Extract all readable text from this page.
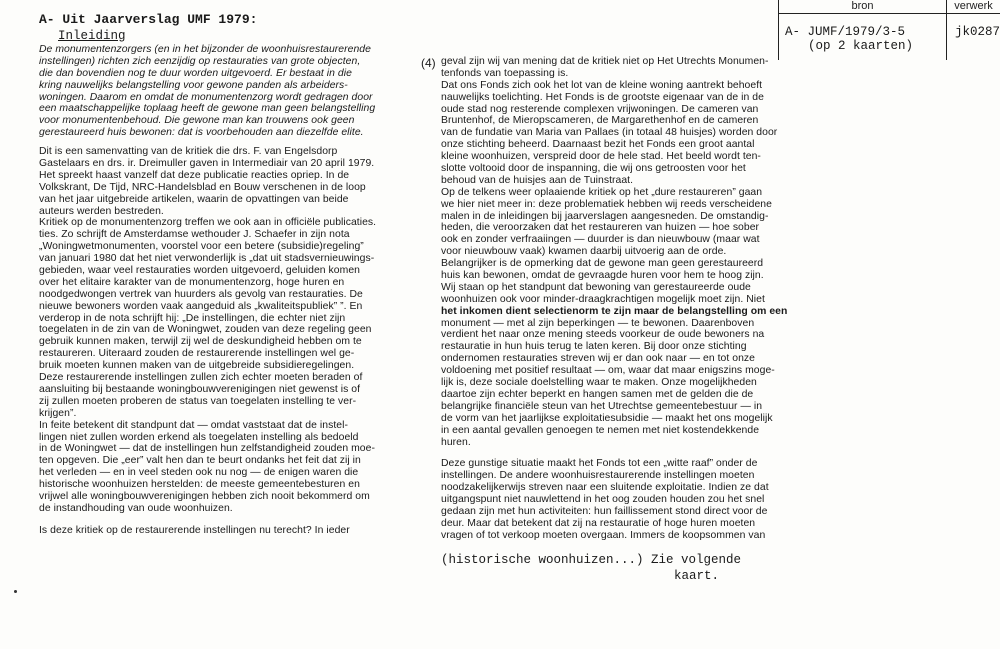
A- Uit Jaarverslag UMF 1979:
Inleiding
bron	verwerk
A- JUMF/1979/3-5
(op 2 kaarten)
jk0287
De monumentenzorgers (en in het bijzonder de woonhuisrestaurerende
instellingen) richten zich eenzijdig op restauraties van grote objecten,
die dan bovendien nog te duur worden uitgevoerd. Er bestaat in die
kring nauwelijks belangstelling voor gewone panden als arbeiders-
woningen. Daarom en omdat de monumentenzorg wordt gedragen door
een maatschappelijke toplaag heeft de gewone man geen belangstelling
voor monumentenbehoud. Die gewone man kan trouwens ook geen
gerestaureerd huis bewonen: dat is voorbehouden aan diezelfde elite.
Dit is een samenvatting van de kritiek die drs. F. van Engelsdorp
Gastelaars en drs. ir. Dreimuller gaven in Intermediair van 20 april 1979.
Het spreekt haast vanzelf dat deze publicatie reacties opriep. In de
Volkskrant, De Tijd, NRC-Handelsblad en Bouw verschenen in de loop
van het jaar uitgebreide artikelen, waarin de opvattingen van beide
auteurs werden bestreden.
Kritiek op de monumentenzorg treffen we ook aan in officiële publicaties.
ties. Zo schrijft de Amsterdamse wethouder J. Schaefer in zijn nota
„Woningwetmonumenten, voorstel voor een betere (subsidie)regeling”
van januari 1980 dat het niet verwonderlijk is „dat uit stadsvernieuwings-
gebieden, waar veel restauraties worden uitgevoerd, geluiden komen
over het elitaire karakter van de monumentenzorg, hoge huren en
noodgedwongen vertrek van huurders als gevolg van restauraties. De
nieuwe bewoners worden vaak aangeduid als „kwaliteitspubliek” ”. En
verderop in de nota schrijft hij: „De instellingen, die echter niet zijn
toegelaten in de zin van de Woningwet, zouden van deze regeling geen
gebruik kunnen maken, terwijl zij wel de deskundigheid hebben om te
restaureren. Uiteraard zouden de restaurerende instellingen wel ge-
bruik moeten kunnen maken van de uitgebreide subsidieregelingen.
Deze restaurerende instellingen zullen zich echter moeten beraden of
aansluiting bij bestaande woningbouwverenigingen niet gewenst is of
zij zullen moeten proberen de status van toegelaten instelling te ver-
krijgen”.
In feite betekent dit standpunt dat — omdat vaststaat dat de instel-
lingen niet zullen worden erkend als toegelaten instelling als bedoeld
in de Woningwet — dat de instellingen hun zelfstandigheid zouden moe-
ten opgeven. Die „eer” valt hen dan te beurt ondanks het feit dat zij in
het verleden — en in veel steden ook nu nog — de enigen waren die
historische woonhuizen herstelden: de meeste gemeentebesturen en
vrijwel alle woningbouwverenigingen hebben zich nooit bekommerd om
de instandhouding van oude woonhuizen.
Is deze kritiek op de restaurerende instellingen nu terecht? In ieder
(4) geval zijn wij van mening dat de kritiek niet op Het Utrechts Monumen-
tenfonds van toepassing is.
Dat ons Fonds zich ook het lot van de kleine woning aantrekt behoeft
nauwelijks toelichting. Het Fonds is de grootste eigenaar van de in de
oude stad nog resterende complexen vrijwoningen. De cameren van
Bruntenhof, de Mieropscameren, de Margarethenhof en de cameren
van de fundatie van Maria van Pallaes (in totaal 48 huisjes) worden door
onze stichting beheerd. Daarnaast bezit het Fonds een groot aantal
kleine woonhuizen, verspreid door de hele stad. Het beeld wordt ten-
slotte voltooid door de inspanning, die wij ons getroosten voor het
behoud van de huisjes aan de Tuinstraat.
Op de telkens weer oplaaiende kritiek op het „dure restaureren” gaan
we hier niet meer in: deze problematiek hebben wij reeds verscheidene
malen in de inleidingen bij jaarverslagen aangesneden. De omstandig-
heden, die veroorzaken dat het restaureren van huizen — hoe sober
ook en zonder verfraaiingen — duurder is dan nieuwbouw (maar wat
voor nieuwbouw vaak) kwamen daarbij uitvoerig aan de orde.
Belangrijker is de opmerking dat de gewone man geen gerestaureerd
huis kan bewonen, omdat de gevraagde huren voor hem te hoog zijn.
Wij staan op het standpunt dat bewoning van gerestaureerde oude
woonhuizen ook voor minder-draagkrachtigen mogelijk moet zijn. Niet
het inkomen dient selectienorm te zijn maar de belangstelling om een
monument — met al zijn beperkingen — te bewonen. Daarenboven
verdient het naar onze mening steeds voorkeur de oude bewoners na
restauratie in hun huis terug te laten keren. Bij door onze stichting
ondernomen restauraties streven wij er dan ook naar — en tot onze
voldoening met positief resultaat — om, waar dat maar enigszins moge-
lijk is, deze sociale doelstelling waar te maken. Onze mogelijkheden
daartoe zijn echter beperkt en hangen samen met de gelden die de
belangrijke financiële steun van het Utrechtse gemeentebestuur — in
de vorm van het jaarlijkse exploitatiesubsidie — maakt het ons mogelijk
in een aantal gevallen genoegen te nemen met niet kostendekkende
huren.
Deze gunstige situatie maakt het Fonds tot een „witte raaf” onder de
instellingen. De andere woonhuisrestaurerende instellingen moeten
noodzakelijkerwijs streven naar een sluitende exploitatie. Indien ze dat
uitgangspunt niet nauwlettend in het oog zouden houden zou het snel
gedaan zijn met hun activiteiten: hun faillissement stond direct voor de
deur. Maar dat betekent dat zij na restauratie of hoge huren moeten
vragen of tot verkoop moeten overgaan. Immers de koopsommen van
(historische woonhuizen...) Zie volgende
kaart.
